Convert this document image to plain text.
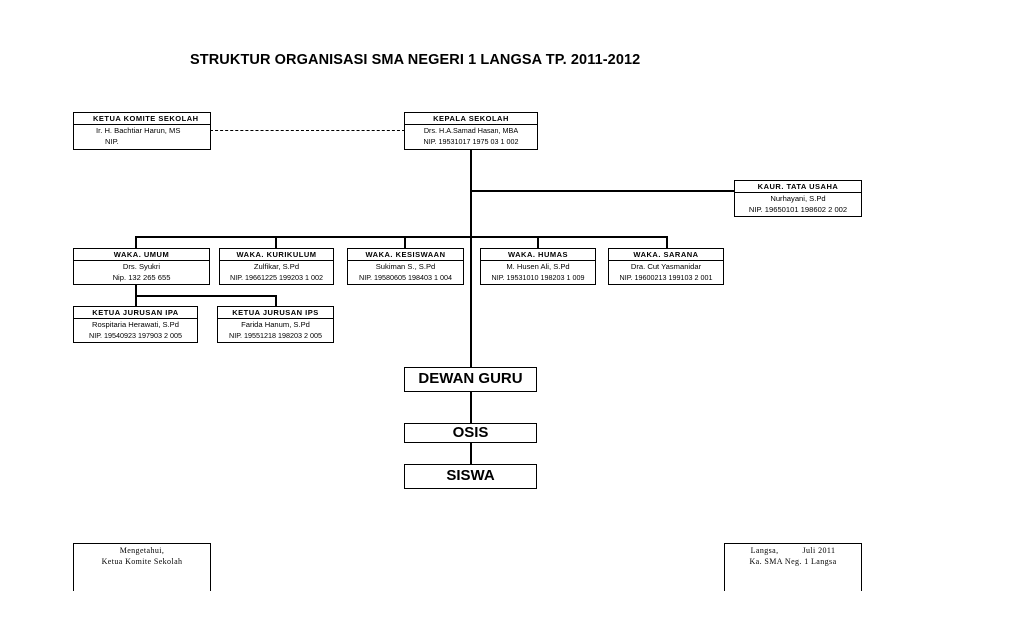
STRUKTUR ORGANISASI SMA NEGERI 1 LANGSA TP. 2011-2012
KETUA KOMITE SEKOLAH
Ir. H. Bachtiar Harun, MS
NIP.
KEPALA SEKOLAH
Drs. H.A.Samad Hasan, MBA
NIP. 19531017 1975 03 1 002
KAUR. TATA USAHA
Nurhayani, S.Pd
NIP. 19650101 198602 2 002
WAKA. UMUM
Drs. Syukri
Nip. 132 265 655
WAKA. KURIKULUM
Zulfikar, S.Pd
NIP. 19661225 199203 1 002
WAKA. KESISWAAN
Sukiman S., S.Pd
NIP. 19580605 198403 1 004
WAKA. HUMAS
M. Husen Ali, S.Pd
NIP. 19531010 198203 1 009
WAKA. SARANA
Dra. Cut Yasmanidar
NIP. 19600213 199103 2 001
KETUA JURUSAN IPA
Rospitaria Herawati, S.Pd
NIP. 19540923 197903 2 005
KETUA JURUSAN IPS
Farida Hanum, S.Pd
NIP. 19551218 198203 2 005
DEWAN GURU
OSIS
SISWA
Mengetahui,
Ketua Komite Sekolah
Langsa,          Juli 2011
Ka. SMA Neg. 1 Langsa
